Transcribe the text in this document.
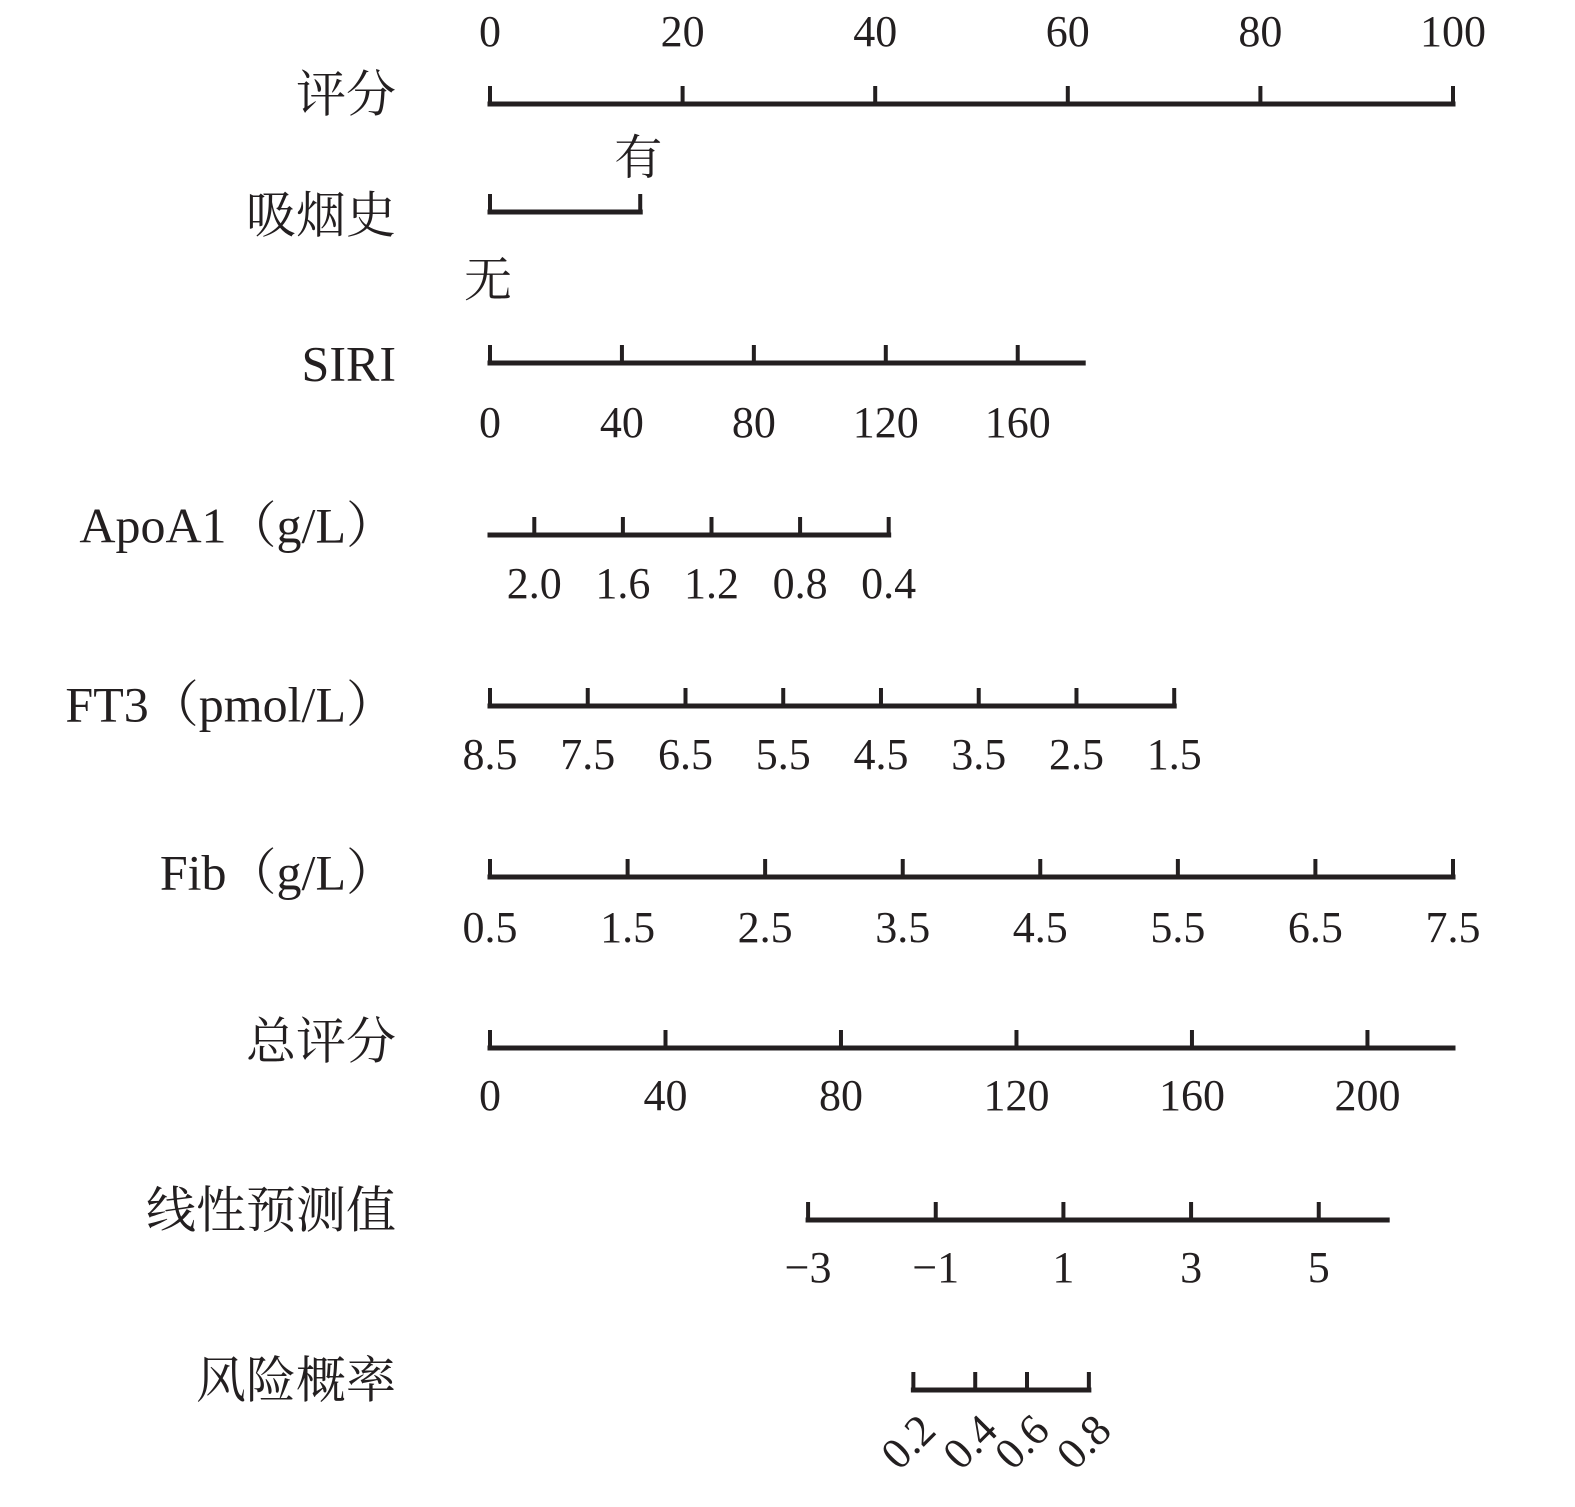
评分
0	20	40	60	80	100
吸烟史
无
有
SIRI
0 40 80 120 160
ApoA1（g/L）
2.0 1.6 1.2 0.8 0.4
FT3（pmol/L）
8.5 7.5 6.5 5.5 4.5 3.5 2.5 1.5
Fib（g/L）
0.5 1.5 2.5 3.5 4.5 5.5 6.5 7.5
总评分
0	40	80	120 160 200
线性预测值
−3 −1 1 3 5
风险概率
0.2
0.4
0.6
0.8
